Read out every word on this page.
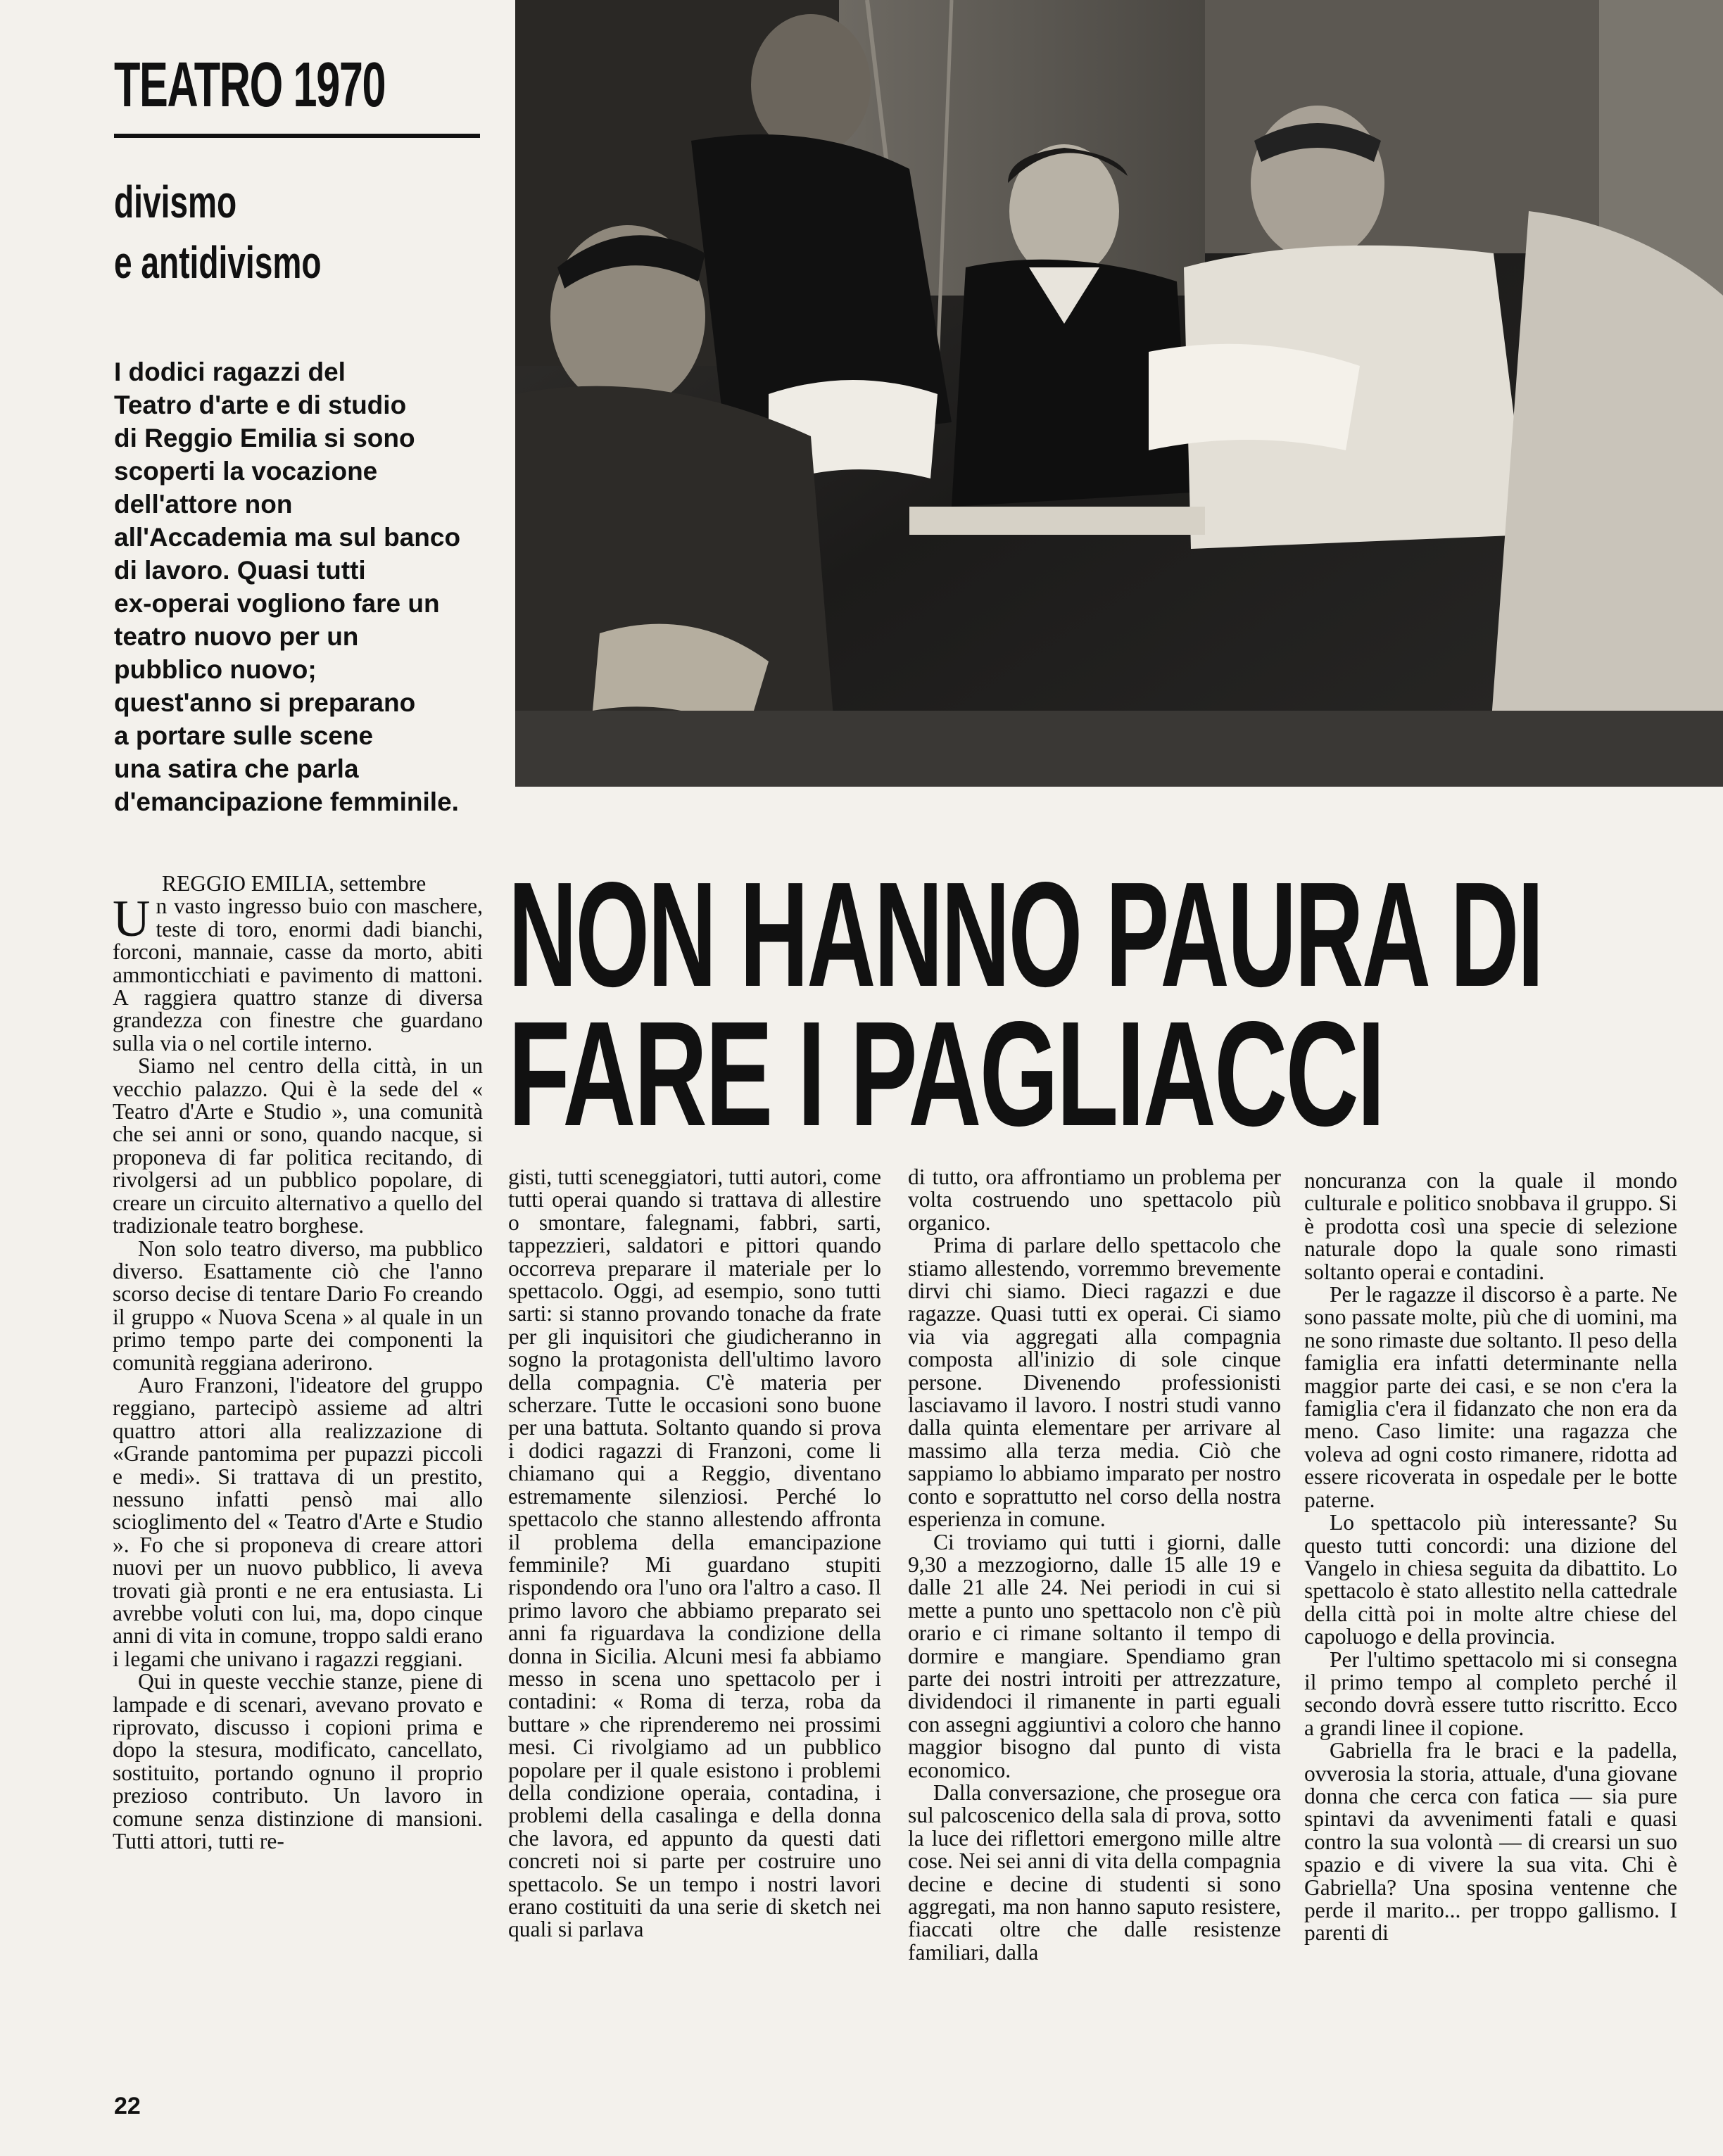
TEATRO 1970
divismo
e antidivismo
I dodici ragazzi del
Teatro d'arte e di studio
di Reggio Emilia si sono
scoperti la vocazione
dell'attore non
all'Accademia ma sul banco
di lavoro. Quasi tutti
ex-operai vogliono fare un
teatro nuovo per un
pubblico nuovo;
quest'anno si preparano
a portare sulle scene
una satira che parla
d'emancipazione femminile.
NON HANNO PAURA DI
FARE I PAGLIACCI
REGGIO EMILIA, settembre

Un vasto ingresso buio con maschere, teste di toro, enormi dadi bianchi, forconi, mannaie, casse da morto, abiti ammonticchiati e pavimento di mattoni. A raggiera quattro stanze di diversa grandezza con finestre che guardano sulla via o nel cortile interno.

Siamo nel centro della città, in un vecchio palazzo. Qui è la sede del « Teatro d'Arte e Studio », una comunità che sei anni or sono, quando nacque, si proponeva di far politica recitando, di rivolgersi ad un pubblico popolare, di creare un circuito alternativo a quello del tradizionale teatro borghese.

Non solo teatro diverso, ma pubblico diverso. Esattamente ciò che l'anno scorso decise di tentare Dario Fo creando il gruppo « Nuova Scena » al quale in un primo tempo parte dei componenti la comunità reggiana aderirono.

Auro Franzoni, l'ideatore del gruppo reggiano, partecipò assieme ad altri quattro attori alla realizzazione di «Grande pantomima per pupazzi piccoli e medi». Si trattava di un prestito, nessuno infatti pensò mai allo scioglimento del « Teatro d'Arte e Studio ». Fo che si proponeva di creare attori nuovi per un nuovo pubblico, li aveva trovati già pronti e ne era entusiasta. Li avrebbe voluti con lui, ma, dopo cinque anni di vita in comune, troppo saldi erano i legami che univano i ragazzi reggiani.

Qui in queste vecchie stanze, piene di lampade e di scenari, avevano provato e riprovato, discusso i copioni prima e dopo la stesura, modificato, cancellato, sostituito, portando ognuno il proprio prezioso contributo. Un lavoro in comune senza distinzione di mansioni. Tutti attori, tutti re-

gisti, tutti sceneggiatori, tutti autori, come tutti operai quando si trattava di allestire o smontare, falegnami, fabbri, sarti, tappezzieri, saldatori e pittori quando occorreva preparare il materiale per lo spettacolo. Oggi, ad esempio, sono tutti sarti: si stanno provando tonache da frate per gli inquisitori che giudicheranno in sogno la protagonista dell'ultimo lavoro della compagnia. C'è materia per scherzare. Tutte le occasioni sono buone per una battuta. Soltanto quando si prova i dodici ragazzi di Franzoni, come li chiamano qui a Reggio, diventano estremamente silenziosi. Perché lo spettacolo che stanno allestendo affronta il problema della emancipazione femminile? Mi guardano stupiti rispondendo ora l'uno ora l'altro a caso. Il primo lavoro che abbiamo preparato sei anni fa riguardava la condizione della donna in Sicilia. Alcuni mesi fa abbiamo messo in scena uno spettacolo per i contadini: « Roma di terza, roba da buttare » che riprenderemo nei prossimi mesi. Ci rivolgiamo ad un pubblico popolare per il quale esistono i problemi della condizione operaia, contadina, i problemi della casalinga e della donna che lavora, ed appunto da questi dati concreti noi si parte per costruire uno spettacolo. Se un tempo i nostri lavori erano costituiti da una serie di sketch nei quali si parlava

di tutto, ora affrontiamo un problema per volta costruendo uno spettacolo più organico.

Prima di parlare dello spettacolo che stiamo allestendo, vorremmo brevemente dirvi chi siamo. Dieci ragazzi e due ragazze. Quasi tutti ex operai. Ci siamo via via aggregati alla compagnia composta all'inizio di sole cinque persone. Divenendo professionisti lasciavamo il lavoro. I nostri studi vanno dalla quinta elementare per arrivare al massimo alla terza media. Ciò che sappiamo lo abbiamo imparato per nostro conto e soprattutto nel corso della nostra esperienza in comune.

Ci troviamo qui tutti i giorni, dalle 9,30 a mezzogiorno, dalle 15 alle 19 e dalle 21 alle 24. Nei periodi in cui si mette a punto uno spettacolo non c'è più orario e ci rimane soltanto il tempo di dormire e mangiare. Spendiamo gran parte dei nostri introiti per attrezzature, dividendoci il rimanente in parti eguali con assegni aggiuntivi a coloro che hanno maggior bisogno dal punto di vista economico.

Dalla conversazione, che prosegue ora sul palcoscenico della sala di prova, sotto la luce dei riflettori emergono mille altre cose. Nei sei anni di vita della compagnia decine e decine di studenti si sono aggregati, ma non hanno saputo resistere, fiaccati oltre che dalle resistenze familiari, dalla

noncuranza con la quale il mondo culturale e politico snobbava il gruppo. Si è prodotta così una specie di selezione naturale dopo la quale sono rimasti soltanto operai e contadini.

Per le ragazze il discorso è a parte. Ne sono passate molte, più che di uomini, ma ne sono rimaste due soltanto. Il peso della famiglia era infatti determinante nella maggior parte dei casi, e se non c'era la famiglia c'era il fidanzato che non era da meno. Caso limite: una ragazza che voleva ad ogni costo rimanere, ridotta ad essere ricoverata in ospedale per le botte paterne.

Lo spettacolo più interessante? Su questo tutti concordi: una dizione del Vangelo in chiesa seguita da dibattito. Lo spettacolo è stato allestito nella cattedrale della città poi in molte altre chiese del capoluogo e della provincia.

Per l'ultimo spettacolo mi si consegna il primo tempo al completo perché il secondo dovrà essere tutto riscritto. Ecco a grandi linee il copione.

Gabriella fra le braci e la padella, ovverosia la storia, attuale, d'una giovane donna che cerca con fatica — sia pure spintavi da avvenimenti fatali e quasi contro la sua volontà — di crearsi un suo spazio e di vivere la sua vita. Chi è Gabriella? Una sposina ventenne che perde il marito... per troppo gallismo. I parenti di

22
